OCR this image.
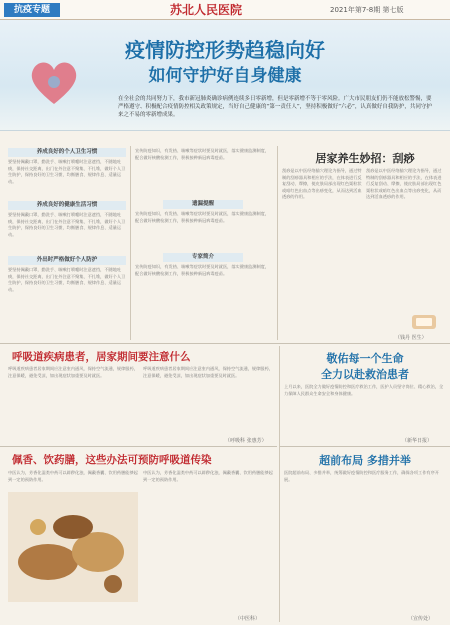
抗疫专题	苏北人民医院	2021年第7-8期 第七版
疫情防控形势趋稳向好
如何守护好自身健康
在全社会的共同努力下，我市新冠肺炎确诊病例连续多日零新增，但是零新增不等于零风险。广大市民朋友们仍不能放松警惕，要严格遵守、积极配合疫情防控相关政策规定，当好自己健康的“第一责任人”，坚持积极做好“六必”，认真做好自我防护，共同守护来之不易的零新增成果。
养成良好的个人卫生习惯
要坚持佩戴口罩，勤洗手、咳嗽打喷嚏时注意遮挡，不随地吐痰，保持社交距离，出门在外注意不聚集、不扎堆，做好个人卫生防护，保持良好的卫生习惯，均衡膳食、规律作息、适量运动。
养成良好的健康生活习惯
要坚持佩戴口罩，勤洗手、咳嗽打喷嚏时注意遮挡，不随地吐痰，保持社交距离，出门在外注意不聚集、不扎堆，做好个人卫生防护，保持良好的卫生习惯，均衡膳食、规律作息、适量运动。
外出时严格做好个人防护
要坚持佩戴口罩，勤洗手、咳嗽打喷嚏时注意遮挡，不随地吐痰，保持社交距离，出门在外注意不聚集、不扎堆，做好个人卫生防护，保持良好的卫生习惯，均衡膳食、规律作息、适量运动。
宣传防疫知识，有发热、咳嗽等症状时要及时就医，落实健康监测制度，配合做好核酸检测工作，积极接种新冠病毒疫苗。
遗漏提醒
宣传防疫知识，有发热、咳嗽等症状时要及时就医，落实健康监测制度，配合做好核酸检测工作，积极接种新冠病毒疫苗。
专家简介
宣传防疫知识，有发热、咳嗽等症状时要及时就医，落实健康监测制度，配合做好核酸检测工作，积极接种新冠病毒疫苗。
居家养生妙招：刮痧
刮痧是以中医经络腧穴理论为指导，通过特制的刮痧器具和相应的手法，在体表进行反复刮动、摩擦，使皮肤局部出现红色粟粒状或暗红色出血点等出痧变化，从而达到活血透痧的作用。
刮痧是以中医经络腧穴理论为指导，通过特制的刮痧器具和相应的手法，在体表进行反复刮动、摩擦，使皮肤局部出现红色粟粒状或暗红色出血点等出痧变化，从而达到活血透痧的作用。
（钱丹 医生）
呼吸道疾病患者，居家期间要注意什么
呼吸道疾病患者居家期间应注意室内通风，保持空气流通，规律服药，注意保暖，避免受凉，如出现症状加重要及时就医。
呼吸道疾病患者居家期间应注意室内通风，保持空气流通，规律服药，注意保暖，避免受凉，如出现症状加重要及时就医。
（呼吸科 张惠芳）
佩香、饮药膳，这些办法可预防呼吸道传染
中医认为，芳香化湿类中药可以辟秽化浊，佩戴香囊、饮用药膳能够起到一定的预防作用。
中医认为，芳香化湿类中药可以辟秽化浊，佩戴香囊、饮用药膳能够起到一定的预防作用。
（中医科）
敬佑每一个生命
全力以赴救治患者
上月以来，医院全力做好疫情防控和医疗救治工作，医护人员坚守岗位、精心救治，全力保障人民群众生命安全和身体健康。
（新华日报）
超前布局 多措并举
医院超前布局、多措并举，统筹做好疫情防控和医疗服务工作，确保各项工作有序开展。
（宣传处）
